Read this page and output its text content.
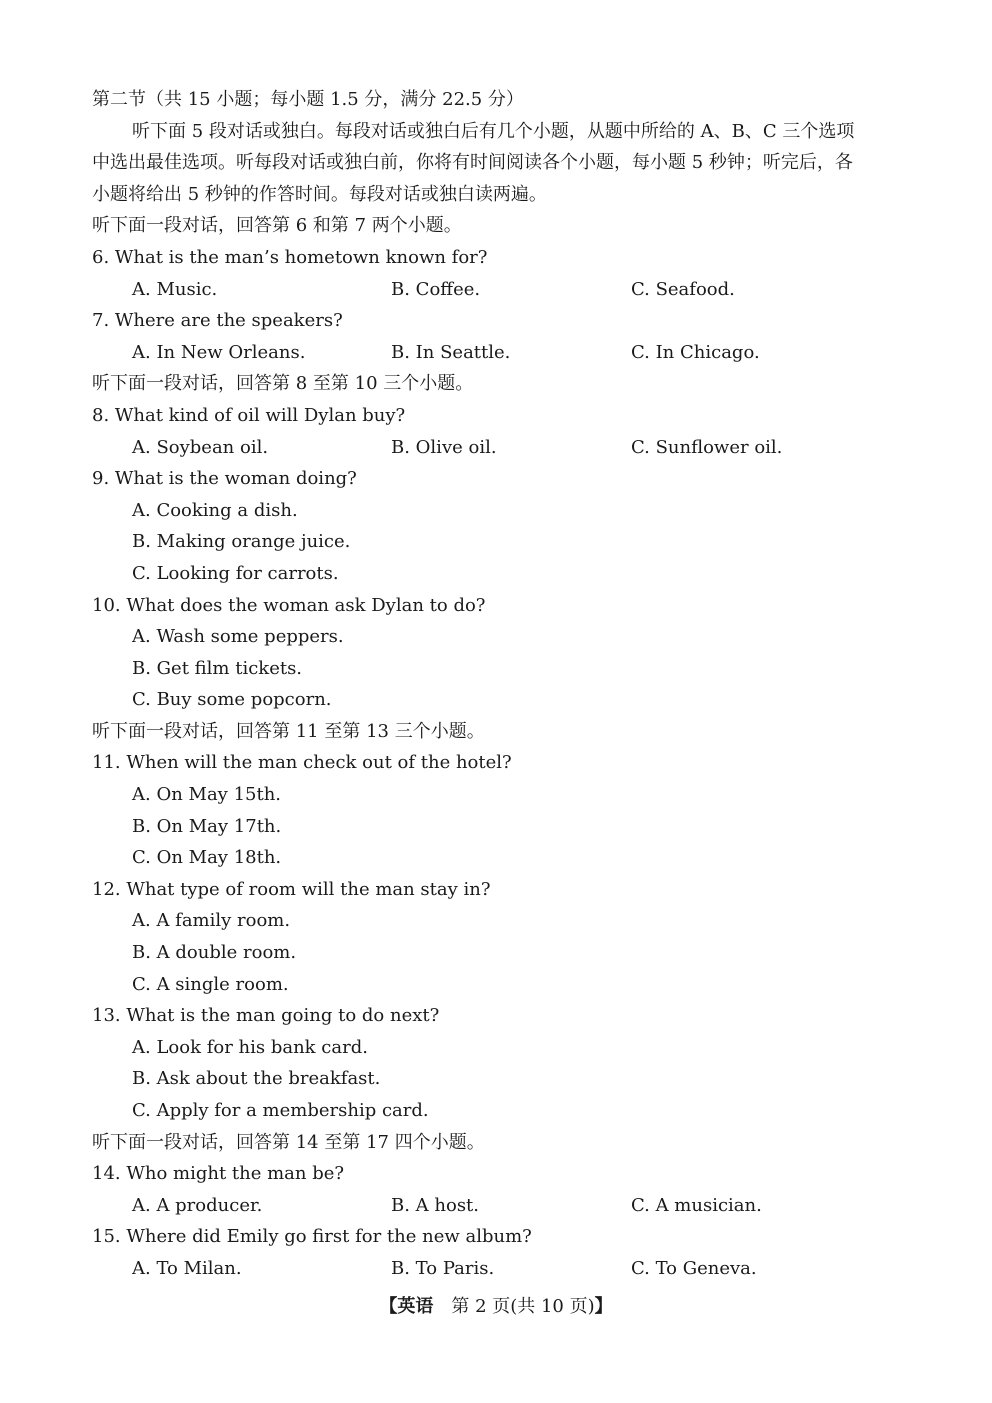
第二节（共 15 小题；每小题 1.5 分，满分 22.5 分）
听下面 5 段对话或独白。每段对话或独白后有几个小题，从题中所给的 A、B、C 三个选项
中选出最佳选项。听每段对话或独白前，你将有时间阅读各个小题，每小题 5 秒钟；听完后，各
小题将给出 5 秒钟的作答时间。每段对话或独白读两遍。
听下面一段对话，回答第 6 和第 7 两个小题。
6. What is the man’s hometown known for?
A. Music.	B. Coffee.	C. Seafood.
7. Where are the speakers?
A. In New Orleans.	B. In Seattle.	C. In Chicago.
听下面一段对话，回答第 8 至第 10 三个小题。
8. What kind of oil will Dylan buy?
A. Soybean oil.	B. Olive oil.	C. Sunflower oil.
9. What is the woman doing?
A. Cooking a dish.
B. Making orange juice.
C. Looking for carrots.
10. What does the woman ask Dylan to do?
A. Wash some peppers.
B. Get film tickets.
C. Buy some popcorn.
听下面一段对话，回答第 11 至第 13 三个小题。
11. When will the man check out of the hotel?
A. On May 15th.
B. On May 17th.
C. On May 18th.
12. What type of room will the man stay in?
A. A family room.
B. A double room.
C. A single room.
13. What is the man going to do next?
A. Look for his bank card.
B. Ask about the breakfast.
C. Apply for a membership card.
听下面一段对话，回答第 14 至第 17 四个小题。
14. Who might the man be?
A. A producer.	B. A host.	C. A musician.
15. Where did Emily go first for the new album?
A. To Milan.	B. To Paris.	C. To Geneva.
【英语　第 2 页(共 10 页)】
